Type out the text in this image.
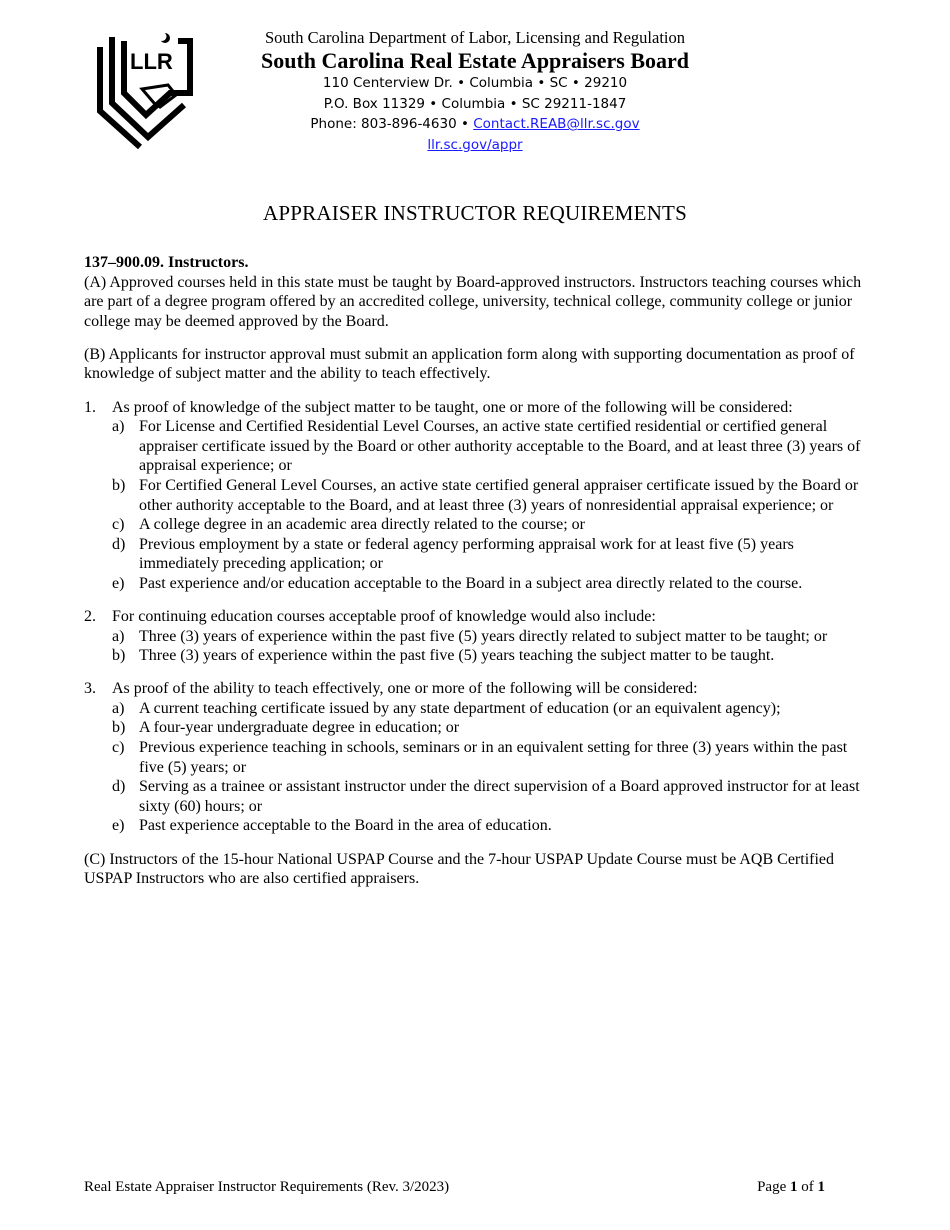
LLR
South Carolina Department of Labor, Licensing and Regulation
South Carolina Real Estate Appraisers Board
110 Centerview Dr. • Columbia • SC • 29210
P.O. Box 11329 • Columbia • SC 29211-1847
Phone: 803-896-4630 • Contact.REAB@llr.sc.gov
llr.sc.gov/appr
APPRAISER INSTRUCTOR REQUIREMENTS

137–900.09. Instructors.

(A) Approved courses held in this state must be taught by Board-approved instructors. Instructors teaching courses which are part of a degree program offered by an accredited college, university, technical college, community college or junior college may be deemed approved by the Board.

(B) Applicants for instructor approval must submit an application form along with supporting documentation as proof of knowledge of subject matter and the ability to teach effectively.

1. As proof of knowledge of the subject matter to be taught, one or more of the following will be considered:
a) For License and Certified Residential Level Courses, an active state certified residential or certified general appraiser certificate issued by the Board or other authority acceptable to the Board, and at least three (3) years of appraisal experience; or
b) For Certified General Level Courses, an active state certified general appraiser certificate issued by the Board or other authority acceptable to the Board, and at least three (3) years of nonresidential appraisal experience; or
c) A college degree in an academic area directly related to the course; or
d) Previous employment by a state or federal agency performing appraisal work for at least five (5) years immediately preceding application; or
e) Past experience and/or education acceptable to the Board in a subject area directly related to the course.
2. For continuing education courses acceptable proof of knowledge would also include:
a) Three (3) years of experience within the past five (5) years directly related to subject matter to be taught; or
b) Three (3) years of experience within the past five (5) years teaching the subject matter to be taught.
3. As proof of the ability to teach effectively, one or more of the following will be considered:
a) A current teaching certificate issued by any state department of education (or an equivalent agency);
b) A four-year undergraduate degree in education; or
c) Previous experience teaching in schools, seminars or in an equivalent setting for three (3) years within the past five (5) years; or
d) Serving as a trainee or assistant instructor under the direct supervision of a Board approved instructor for at least sixty (60) hours; or
e) Past experience acceptable to the Board in the area of education.

(C) Instructors of the 15-hour National USPAP Course and the 7-hour USPAP Update Course must be AQB Certified USPAP Instructors who are also certified appraisers.

Real Estate Appraiser Instructor Requirements (Rev. 3/2023)	Page 1 of 1
